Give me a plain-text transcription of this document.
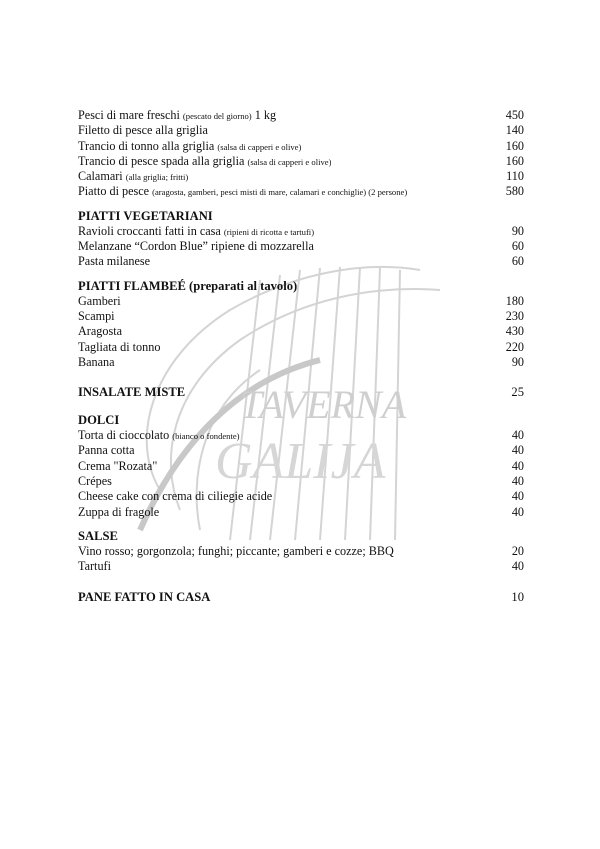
TAVERNA
GALIJA
Pesci di mare freschi (pescato del giorno) 1 kg	450
Filetto di pesce alla griglia	140
Trancio di tonno alla griglia (salsa di capperi e olive)	160
Trancio di pesce spada alla griglia (salsa di capperi e olive)	160
Calamari (alla griglia; fritti)	110
Piatto di pesce (aragosta, gamberi, pesci misti di mare, calamari e conchiglie) (2 persone)	580
PIATTI VEGETARIANI
Ravioli croccanti fatti in casa (ripieni di ricotta e tartufi)	90
Melanzane “Cordon Blue” ripiene di mozzarella	60
Pasta milanese	60
PIATTI FLAMBEÉ (preparati al tavolo)
Gamberi	180
Scampi	230
Aragosta	430
Tagliata di tonno	220
Banana	90
INSALATE MISTE	25
DOLCI
Torta di cioccolato (bianco o fondente)	40
Panna cotta	40
Crema "Rozata"	40
Crépes	40
Cheese cake con crema di ciliegie acide	40
Zuppa di fragole	40
SALSE
Vino rosso; gorgonzola; funghi; piccante; gamberi e cozze; BBQ	20
Tartufi	40
PANE FATTO IN CASA	10
